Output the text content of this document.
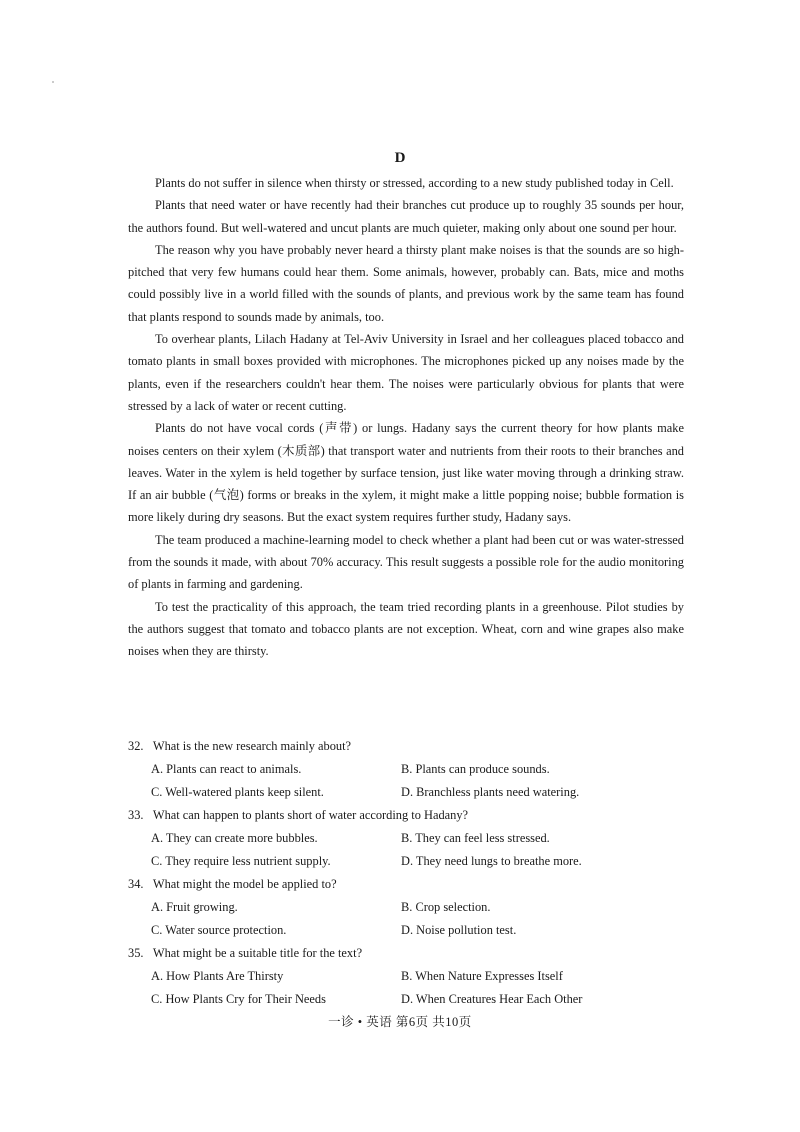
D

Plants do not suffer in silence when thirsty or stressed, according to a new study published today in Cell.

Plants that need water or have recently had their branches cut produce up to roughly 35 sounds per hour, the authors found. But well-watered and uncut plants are much quieter, making only about one sound per hour.

The reason why you have probably never heard a thirsty plant make noises is that the sounds are so high-pitched that very few humans could hear them. Some animals, however, probably can. Bats, mice and moths could possibly live in a world filled with the sounds of plants, and previous work by the same team has found that plants respond to sounds made by animals, too.

To overhear plants, Lilach Hadany at Tel-Aviv University in Israel and her colleagues placed tobacco and tomato plants in small boxes provided with microphones. The microphones picked up any noises made by the plants, even if the researchers couldn't hear them. The noises were particularly obvious for plants that were stressed by a lack of water or recent cutting.

Plants do not have vocal cords (声带) or lungs. Hadany says the current theory for how plants make noises centers on their xylem (木质部) that transport water and nutrients from their roots to their branches and leaves. Water in the xylem is held together by surface tension, just like water moving through a drinking straw. If an air bubble (气泡) forms or breaks in the xylem, it might make a little popping noise; bubble formation is more likely during dry seasons. But the exact system requires further study, Hadany says.

The team produced a machine-learning model to check whether a plant had been cut or was water-stressed from the sounds it made, with about 70% accuracy. This result suggests a possible role for the audio monitoring of plants in farming and gardening.

To test the practicality of this approach, the team tried recording plants in a greenhouse. Pilot studies by the authors suggest that tomato and tobacco plants are not exception. Wheat, corn and wine grapes also make noises when they are thirsty.

32. What is the new research mainly about?
A. Plants can react to animals.	B. Plants can produce sounds.
C. Well-watered plants keep silent.	D. Branchless plants need watering.
33. What can happen to plants short of water according to Hadany?
A. They can create more bubbles.	B. They can feel less stressed.
C. They require less nutrient supply.	D. They need lungs to breathe more.
34. What might the model be applied to?
A. Fruit growing.	B. Crop selection.
C. Water source protection.	D. Noise pollution test.
35. What might be a suitable title for the text?
A. How Plants Are Thirsty	B. When Nature Expresses Itself
C. How Plants Cry for Their Needs	D. When Creatures Hear Each Other
一诊 • 英语 第6页 共10页
